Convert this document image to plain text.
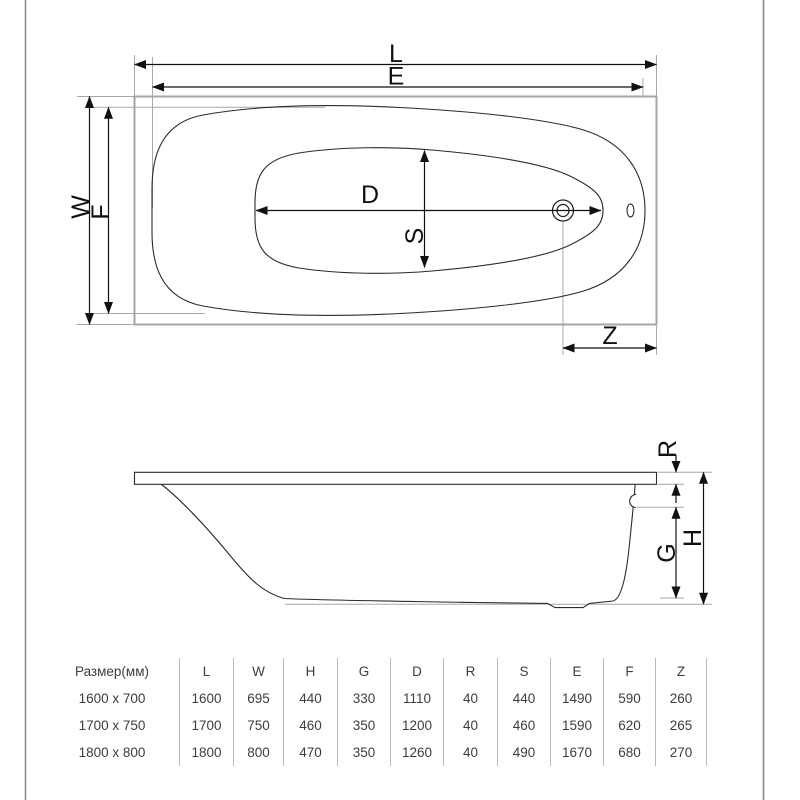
L
E
W
F
D
S
Z
R
G
H
Размер(мм)	L	W	H	G	D	R	S	E	F	Z
1600 x 700	1600	695	440	330	1110	40	440	1490	590	260
1700 x 750	1700	750	460	350	1200	40	460	1590	620	265
1800 x 800	1800	800	470	350	1260	40	490	1670	680	270
